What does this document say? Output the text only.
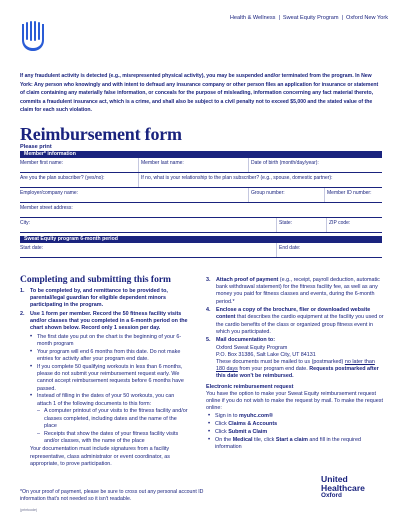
Health & Wellness | Sweat Equity Program | Oxford New York

If any fraudulent activity is detected (e.g., misrepresented physical activity), you may be suspended and/or terminated from the program. In New York: Any person who knowingly and with intent to defraud any insurance company or other person files an application for insurance or statement of claim containing any materially false information, or conceals for the purpose of misleading, information concerning any fact material thereto, commits a fraudulent insurance act, which is a crime, and shall also be subject to a civil penalty not to exceed $5,000 and the stated value of the claim for each such violation.

Reimbursement form
Please print
Member* information
Member first name:	Member last name:	Date of birth (month/day/year):
Are you the plan subscriber? (yes/no):	If no, what is your relationship to the plan subscriber? (e.g., spouse, domestic partner):
Employer/company name:	Group number:	Member ID number:
Member street address:
City:	State:	ZIP code:
Sweat Equity program 6-month period
Start date:	End date:
Completing and submitting this form
1.	To be completed by, and remittance to be provided to, parental/legal guardian for eligible dependent minors participating in the program.
2.	Use 1 form per member. Record the 50 fitness facility visits and/or classes that you completed in a 6-month period on the chart shown below. Record only 1 session per day.
• The first date you put on the chart is the beginning of your 6-month program
• Your program will end 6 months from this date. Do not make entries for activity after your program end date.
• If you complete 50 qualifying workouts in less than 6 months, please do not submit your reimbursement request early. We cannot accept reimbursement requests before 6 months have passed.
• Instead of filling in the dates of your 50 workouts, you can attach 1 of the following documents to this form:
– A computer printout of your visits to the fitness facility and/or classes completed, including dates and the name of the place
– Receipts that show the dates of your fitness facility visits and/or classes, with the name of the place
Your documentation must include signatures from a facility representative, class administrator or event coordinator, as appropriate, to prove participation.
3.	Attach proof of payment (e.g., receipt, payroll deduction, automatic bank withdrawal statement) for the fitness facility fee, as well as any money you paid for fitness classes and events, during the 6-month period.*
4.	Enclose a copy of the brochure, flier or downloaded website content that describes the cardio equipment at the facility you used or the cardio benefits of the class or organized group fitness event in which you participated.
5.	Mail documentation to:
Oxford Sweat Equity Program
P.O. Box 31386, Salt Lake City, UT 84131
These documents must be mailed to us (postmarked) no later than 180 days from your program end date. Requests postmarked after this date won't be reimbursed.
Electronic reimbursement request
You have the option to make your Sweat Equity reimbursement request online if you do not wish to make the request by mail. To make the request online:
• Sign in to myuhc.com®
• Click Claims & Accounts
• Click Submit a Claim
• On the Medical tile, click Start a claim and fill in the required information
*On your proof of payment, please be sure to cross out any personal account ID information that's not needed so it isn't readable.
(printcode)
United
Healthcare
Oxford
